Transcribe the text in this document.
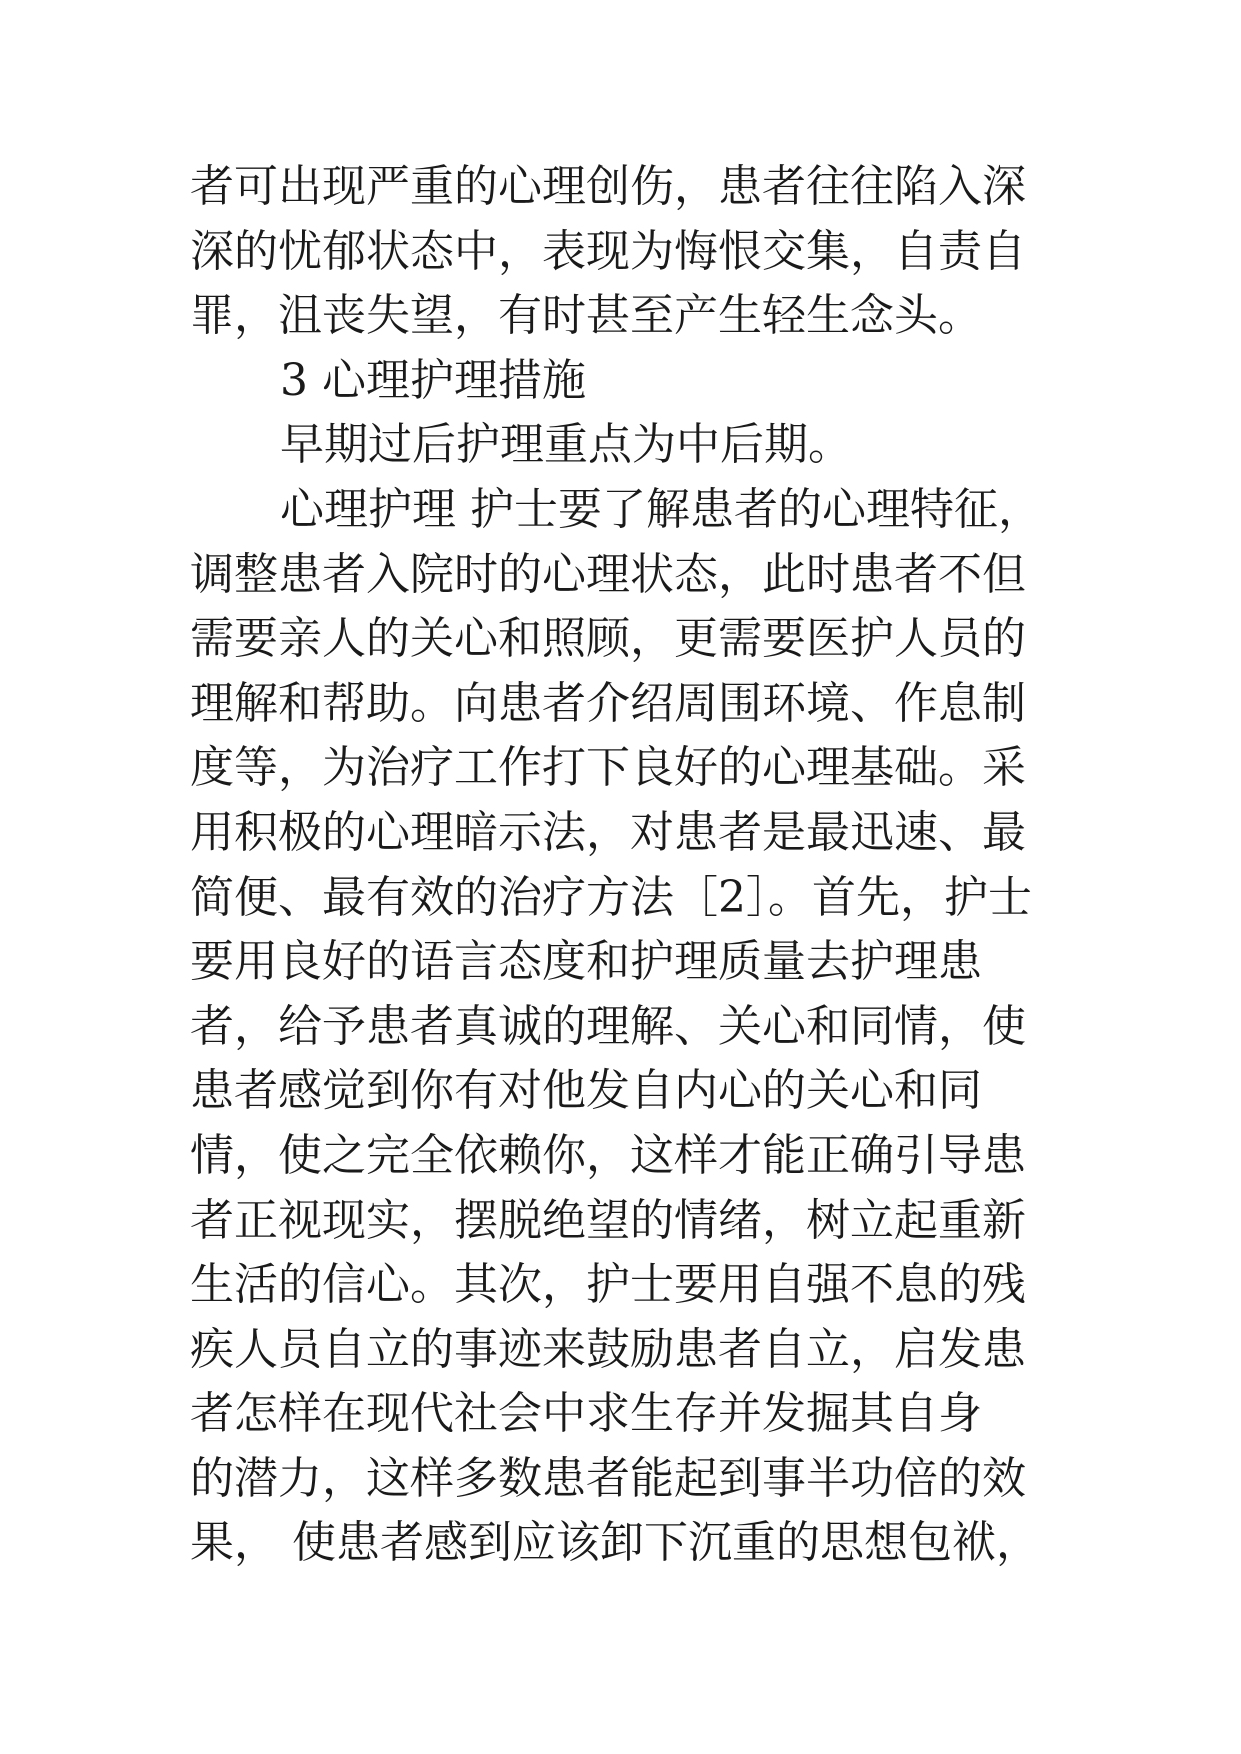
者可出现严重的心理创伤，患者往往陷入深
深的忧郁状态中，表现为悔恨交集，自责自
罪，沮丧失望，有时甚至产生轻生念头。
3 心理护理措施
早期过后护理重点为中后期。
心理护理 护士要了解患者的心理特征，
调整患者入院时的心理状态，此时患者不但
需要亲人的关心和照顾，更需要医护人员的
理解和帮助。向患者介绍周围环境、作息制
度等，为治疗工作打下良好的心理基础。采
用积极的心理暗示法，对患者是最迅速、最
简便、最有效的治疗方法［2］。首先，护士
要用良好的语言态度和护理质量去护理患
者，给予患者真诚的理解、关心和同情，使
患者感觉到你有对他发自内心的关心和同
情，使之完全依赖你，这样才能正确引导患
者正视现实，摆脱绝望的情绪，树立起重新
生活的信心。其次，护士要用自强不息的残
疾人员自立的事迹来鼓励患者自立，启发患
者怎样在现代社会中求生存并发掘其自身
的潜力，这样多数患者能起到事半功倍的效
果， 使患者感到应该卸下沉重的思想包袱，
